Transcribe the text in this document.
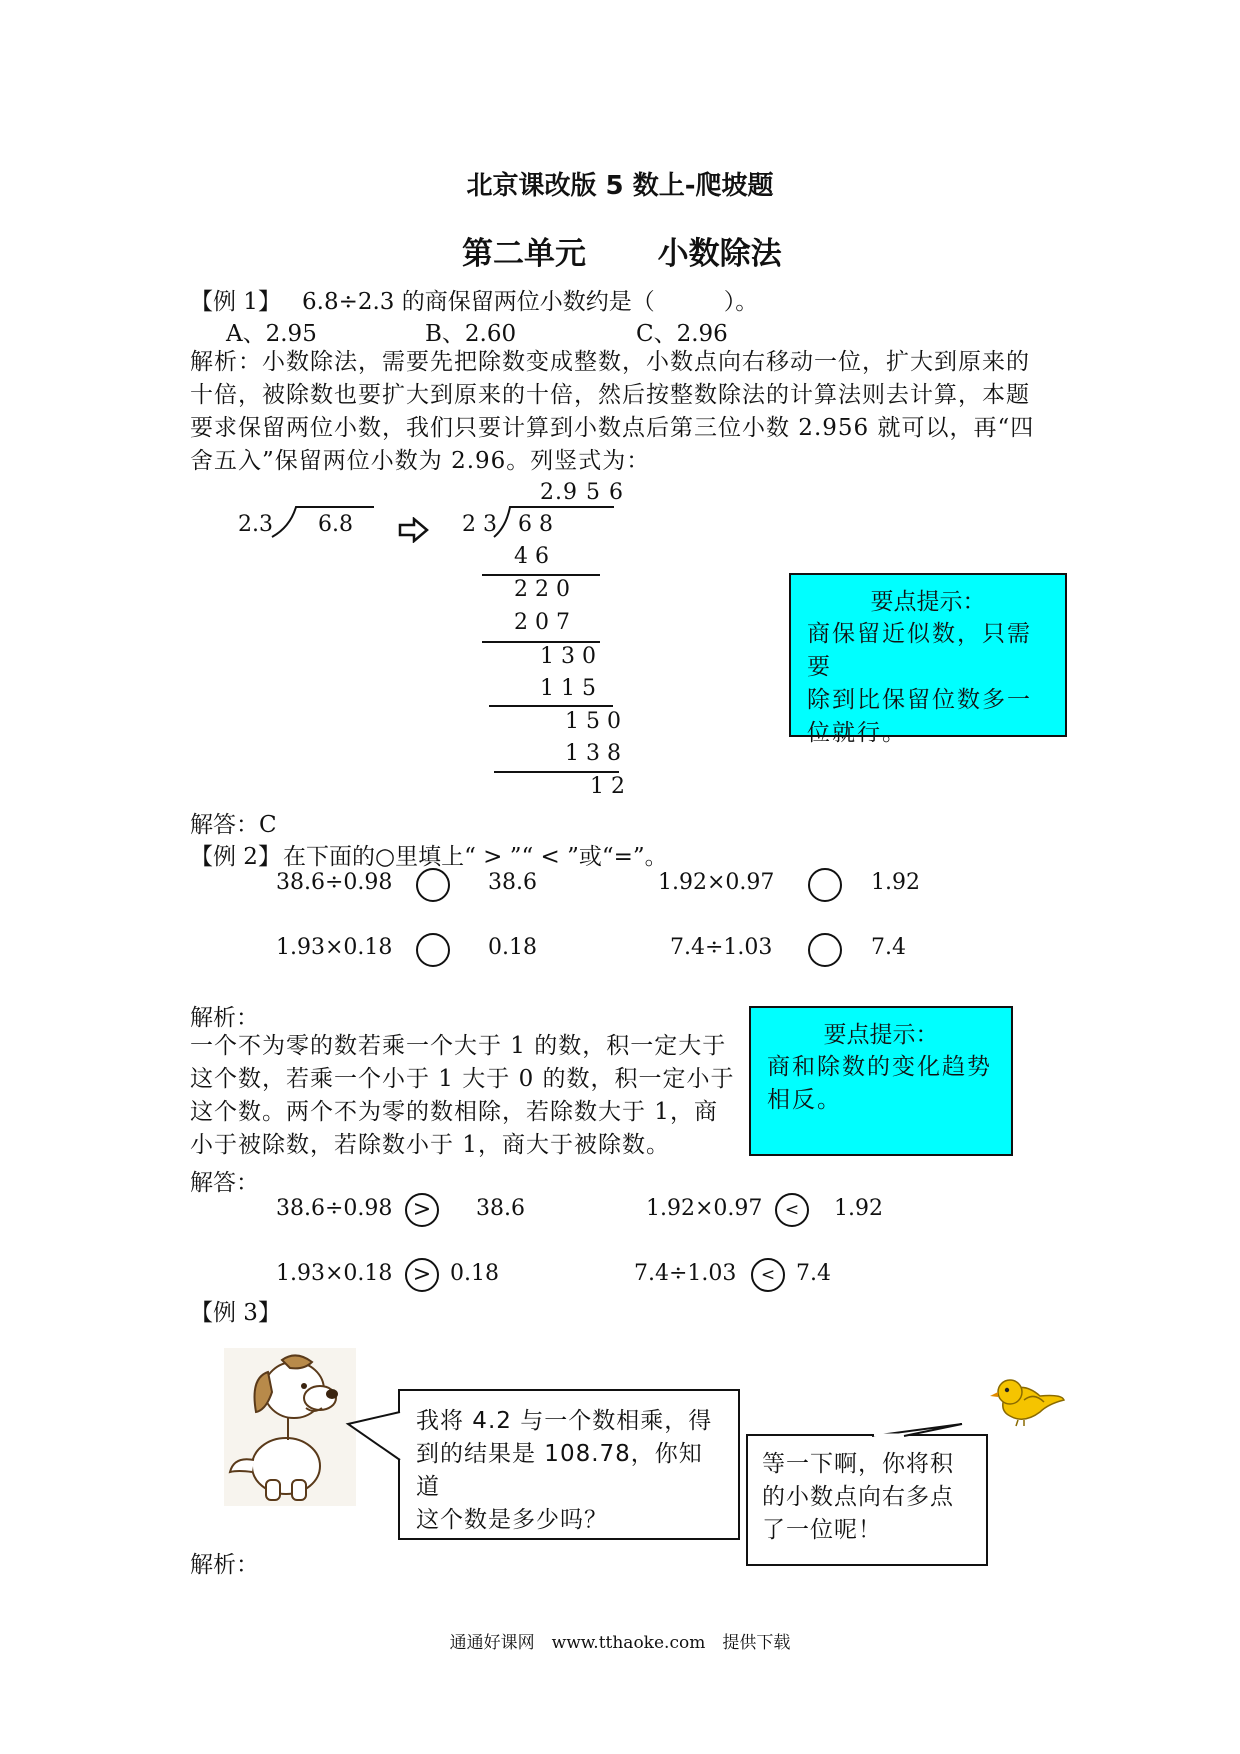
北京课改版 5 数上-爬坡题
第二单元 小数除法
【例 1】 6.8÷2.3 的商保留两位小数约是（　　　）。
A、2.95	B、2.60	C、2.96
解析：小数除法，需要先把除数变成整数，小数点向右移动一位，扩大到原来的
十倍，被除数也要扩大到原来的十倍，然后按整数除法的计算法则去计算，本题
要求保留两位小数，我们只要计算到小数点后第三位小数 2.956 就可以，再“四
舍五入”保留两位小数为 2.96。列竖式为：
2.3 6.8
2.9 5 6
2 3 6 8
4 6
2 2 0
2 0 7
1 3 0
1 1 5
1 5 0
1 3 8
1 2
要点提示：
商保留近似数，只需要
除到比保留位数多一
位就行。
解答：C
【例 2】 在下面的○里填上“ > ”“ < ”或“=”。
38.6÷0.98	38.6	1.92×0.97	1.92
1.93×0.18	0.18	7.4÷1.03	7.4
解析：
一个不为零的数若乘一个大于 1 的数，积一定大于
这个数，若乘一个小于 1 大于 0 的数，积一定小于
这个数。两个不为零的数相除，若除数大于 1，商
小于被除数，若除数小于 1，商大于被除数。
要点提示：
商和除数的变化趋势
相反。
解答：
38.6÷0.98 > 38.6	1.92×0.97 < 1.92
1.93×0.18 > 0.18	7.4÷1.03 < 7.4
【例 3】
我将 4.2 与一个数相乘，得
到的结果是 108.78，你知道
这个数是多少吗？
等一下啊，你将积
的小数点向右多点
了一位呢！
解析：
通通好课网　www.tthaoke.com　提供下载
